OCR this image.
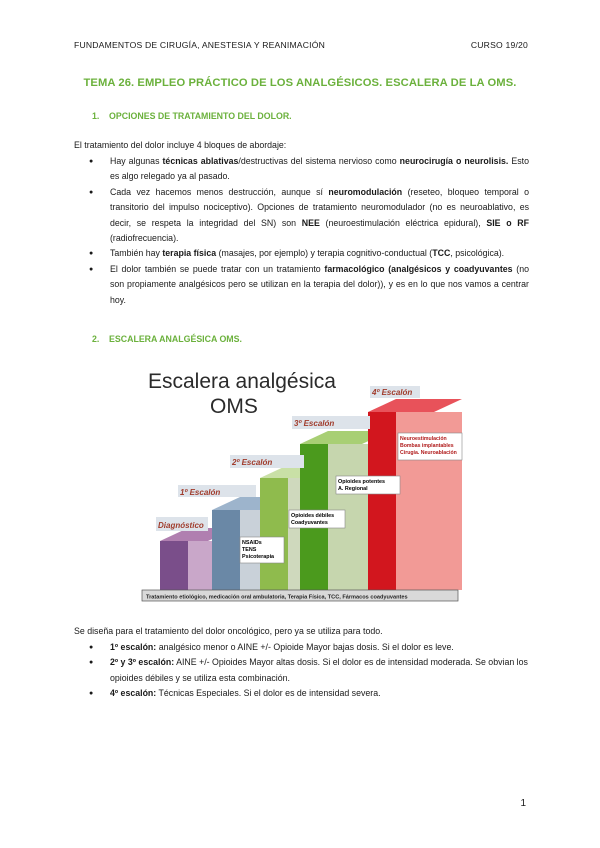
FUNDAMENTOS DE CIRUGÍA, ANESTESIA Y REANIMACIÓN	CURSO 19/20
TEMA 26. EMPLEO PRÁCTICO DE LOS ANALGÉSICOS. ESCALERA DE LA OMS.
1. OPCIONES DE TRATAMIENTO DEL DOLOR.

El tratamiento del dolor incluye 4 bloques de abordaje:

● Hay algunas técnicas ablativas/destructivas del sistema nervioso como neurocirugía o neurolisis. Esto es algo relegado ya al pasado.
● Cada vez hacemos menos destrucción, aunque sí neuromodulación (reseteo, bloqueo temporal o transitorio del impulso nociceptivo). Opciones de tratamiento neuromodulador (no es neuroablativo, es decir, se respeta la integridad del SN) son NEE (neuroestimulación eléctrica epidural), SIE o RF (radiofrecuencia).
● También hay terapia física (masajes, por ejemplo) y terapia cognitivo-conductual (TCC, psicológica).
● El dolor también se puede tratar con un tratamiento farmacológico (analgésicos y coadyuvantes (no son propiamente analgésicos pero se utilizan en la terapia del dolor)), y es en lo que nos vamos a centrar hoy.
2. ESCALERA ANALGÉSICA OMS.
Escalera analgésica
OMS
Diagnóstico
1º Escalón
2º Escalón
3º Escalón
4º Escalón
NSAIDs
TENS
Psicoterapia
Opioides débiles
Coadyuvantes
Opioides potentes
A. Regional
Neuroestimulación
Bombas implantables
Cirugía. Neuroablación
Tratamiento etiológico, medicación oral ambulatoria, Terapia Física, TCC, Fármacos coadyuvantes

Se diseña para el tratamiento del dolor oncológico, pero ya se utiliza para todo.

● 1º escalón: analgésico menor o AINE +/- Opioide Mayor bajas dosis. Si el dolor es leve.
● 2º y 3º escalón: AINE +/- Opioides Mayor altas dosis. Si el dolor es de intensidad moderada. Se obvian los opioides débiles y se utiliza esta combinación.
● 4º escalón: Técnicas Especiales. Si el dolor es de intensidad severa.
1
